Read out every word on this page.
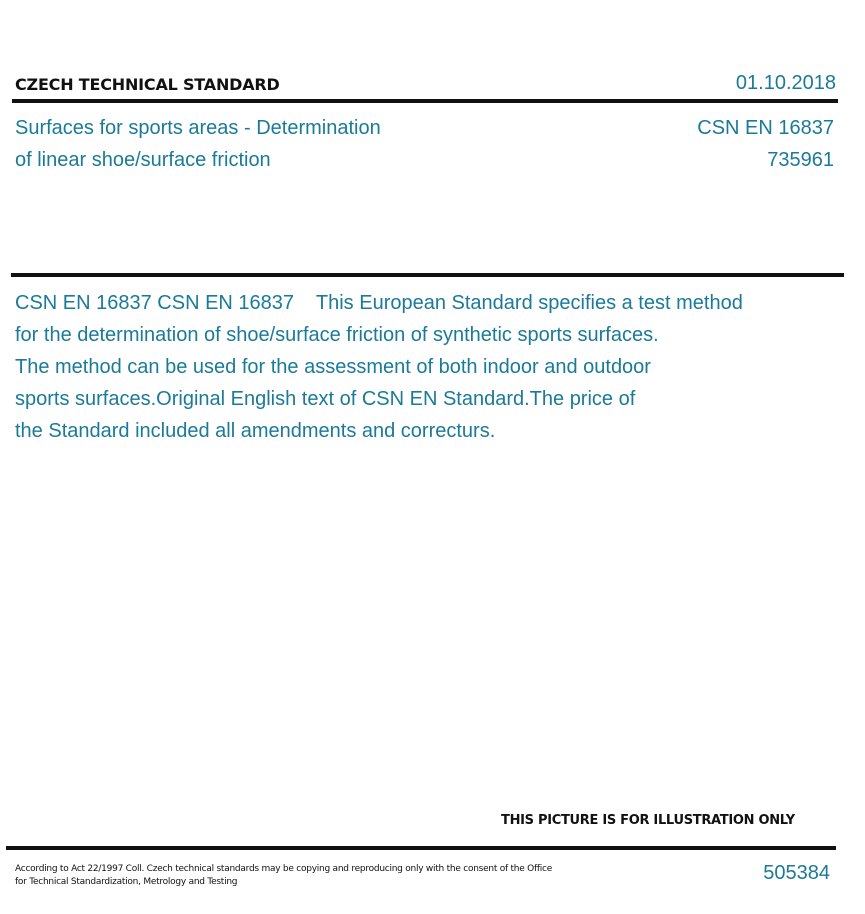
CZECH TECHNICAL STANDARD	01.10.2018
Surfaces for sports areas - Determination
of linear shoe/surface friction
CSN EN 16837
735961
CSN EN 16837 CSN EN 16837    This European Standard specifies a test method
for the determination of shoe/surface friction of synthetic sports surfaces.
The method can be used for the assessment of both indoor and outdoor
sports surfaces.Original English text of CSN EN Standard.The price of
the Standard included all amendments and correcturs.
THIS PICTURE IS FOR ILLUSTRATION ONLY
According to Act 22/1997 Coll. Czech technical standards may be copying and reproducing only with the consent of the Office
for Technical Standardization, Metrology and Testing	505384
